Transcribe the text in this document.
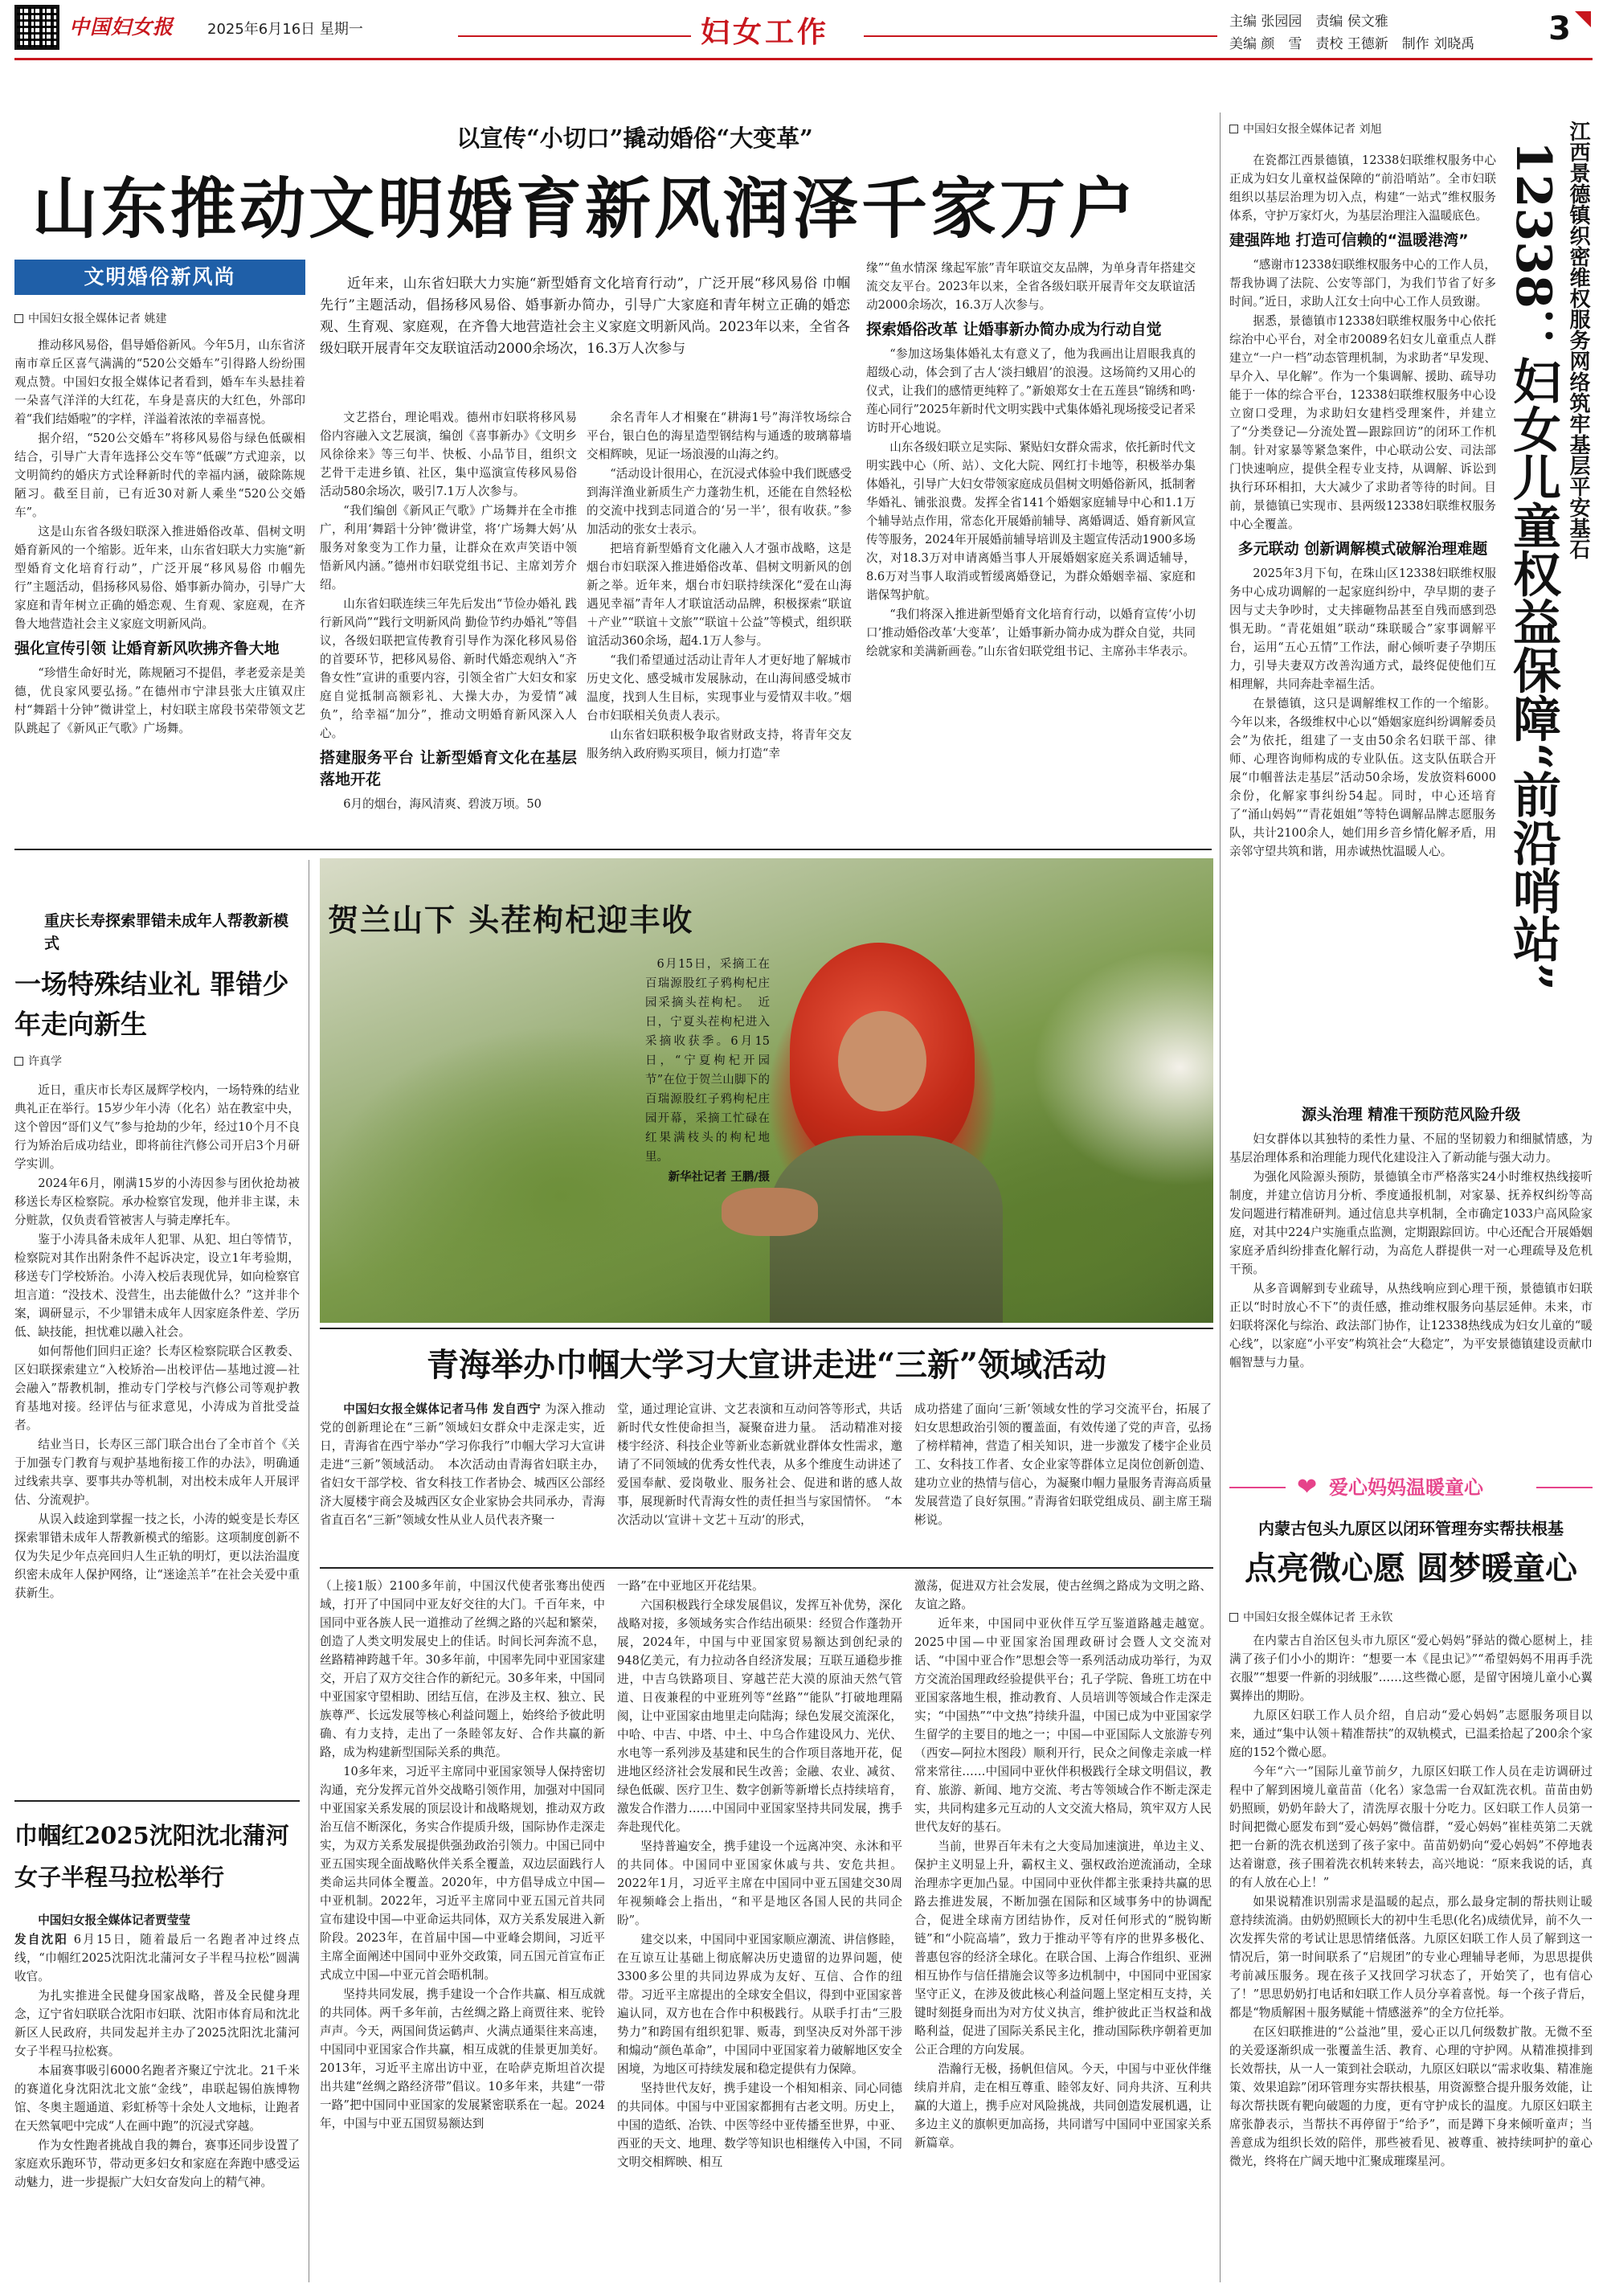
中国妇女报	2025年6月16日 星期一	妇女工作	主编 张园园　责编 侯文雅
美编 颜　雪　责校 王德新　制作 刘晓禹	3
以宣传“小切口”撬动婚俗“大变革”
山东推动文明婚育新风润泽千家万户
文明婚俗新风尚
中国妇女报全媒体记者 姚建

近年来，山东省妇联大力实施“新型婚育文化培育行动”，广泛开展“移风易俗 巾帼先行”主题活动，倡扬移风易俗、婚事新办简办，引导广大家庭和青年树立正确的婚恋观、生育观、家庭观，在齐鲁大地营造社会主义家庭文明新风尚。2023年以来，全省各级妇联开展青年交友联谊活动2000余场次，16.3万人次参与

推动移风易俗，倡导婚俗新风。今年5月，山东省济南市章丘区喜气满满的“520公交婚车”引得路人纷纷围观点赞。中国妇女报全媒体记者看到，婚车车头悬挂着一朵喜气洋洋的大红花，车身是喜庆的大红色，外部印着“我们结婚啦”的字样，洋溢着浓浓的幸福喜悦。

据介绍，“520公交婚车”将移风易俗与绿色低碳相结合，引导广大青年选择公交车等“低碳”方式迎亲，以文明简约的婚庆方式诠释新时代的幸福内涵，破除陈规陋习。截至目前，已有近30对新人乘坐“520公交婚车”。

这是山东省各级妇联深入推进婚俗改革、倡树文明婚育新风的一个缩影。近年来，山东省妇联大力实施“新型婚育文化培育行动”，广泛开展“移风易俗 巾帼先行”主题活动，倡扬移风易俗、婚事新办简办，引导广大家庭和青年树立正确的婚恋观、生育观、家庭观，在齐鲁大地营造社会主义家庭文明新风尚。

强化宣传引领 让婚育新风吹拂齐鲁大地

“珍惜生命好时光，陈规陋习不提倡，孝老爱亲是美德，优良家风要弘扬。”在德州市宁津县张大庄镇双庄村“舞蹈十分钟”微讲堂上，村妇联主席段书荣带领文艺队跳起了《新风正气歌》广场舞。

文艺搭台，理论唱戏。德州市妇联将移风易俗内容融入文艺展演，编创《喜事新办》《文明乡风徐徐来》等三句半、快板、小品节目，组织文艺骨干走进乡镇、社区，集中巡演宣传移风易俗活动580余场次，吸引7.1万人次参与。

“我们编创《新风正气歌》广场舞并在全市推广，利用‘舞蹈十分钟’微讲堂，将‘广场舞大妈’从服务对象变为工作力量，让群众在欢声笑语中领悟新风内涵。”德州市妇联党组书记、主席刘芳介绍。

山东省妇联连续三年先后发出“节俭办婚礼 践行新风尚”“践行文明新风尚 勤俭节约办婚礼”等倡议，各级妇联把宣传教育引导作为深化移风易俗的首要环节，把移风易俗、新时代婚恋观纳入“齐鲁女性”宣讲的重要内容，引领全省广大妇女和家庭自觉抵制高额彩礼、大操大办，为爱情“减负”，给幸福“加分”，推动文明婚育新风深入人心。

搭建服务平台 让新型婚育文化在基层落地开花

6月的烟台，海风清爽、碧波万顷。50

余名青年人才相聚在“耕海1号”海洋牧场综合平台，银白色的海星造型钢结构与通透的玻璃幕墙交相辉映，见证一场浪漫的山海之约。

“活动设计很用心，在沉浸式体验中我们既感受到海洋渔业新质生产力蓬勃生机，还能在自然轻松的交流中找到志同道合的‘另一半’，很有收获。”参加活动的张女士表示。

把培育新型婚育文化融入人才强市战略，这是烟台市妇联深入推进婚俗改革、倡树文明新风的创新之举。近年来，烟台市妇联持续深化“爱在山海 遇见幸福”青年人才联谊活动品牌，积极探索“联谊＋产业”“联谊＋文旅”“联谊＋公益”等模式，组织联谊活动360余场，超4.1万人参与。

“我们希望通过活动让青年人才更好地了解城市历史文化、感受城市发展脉动，在山海间感受城市温度，找到人生目标，实现事业与爱情双丰收。”烟台市妇联相关负责人表示。

山东省妇联积极争取省财政支持，将青年交友服务纳入政府购买项目，倾力打造“幸

缘”“鱼水情深 缘起军旅”青年联谊交友品牌，为单身青年搭建交流交友平台。2023年以来，全省各级妇联开展青年交友联谊活动2000余场次，16.3万人次参与。

探索婚俗改革 让婚事新办简办成为行动自觉

“参加这场集体婚礼太有意义了，他为我画出让眉眼我真的超级心动，体会到了古人‘淡扫蛾眉’的浪漫。这场简约又用心的仪式，让我们的感情更纯粹了。”新娘郑女士在五莲县“锦绣和鸣·莲心同行”2025年新时代文明实践中式集体婚礼现场接受记者采访时开心地说。

山东各级妇联立足实际、紧贴妇女群众需求，依托新时代文明实践中心（所、站）、文化大院、网红打卡地等，积极举办集体婚礼，引导广大妇女带领家庭成员倡树文明婚俗新风，抵制奢华婚礼、铺张浪费。发挥全省141个婚姻家庭辅导中心和1.1万个辅导站点作用，常态化开展婚前辅导、离婚调适、婚育新风宣传等服务，2024年开展婚前辅导培训及主题宣传活动1900多场次，对18.3万对申请离婚当事人开展婚姻家庭关系调适辅导，8.6万对当事人取消或暂缓离婚登记，为群众婚姻幸福、家庭和谐保驾护航。

“我们将深入推进新型婚育文化培育行动，以婚育宣传‘小切口’推动婚俗改革‘大变革’，让婚事新办简办成为群众自觉，共同绘就家和美满新画卷。”山东省妇联党组书记、主席孙丰华表示。

重庆长寿探索罪错未成年人帮教新模式
一场特殊结业礼 罪错少年走向新生
许真学

近日，重庆市长寿区晟辉学校内，一场特殊的结业典礼正在举行。15岁少年小涛（化名）站在教室中央，这个曾因“哥们义气”参与抢劫的少年，经过10个月不良行为矫治后成功结业，即将前往汽修公司开启3个月研学实训。

2024年6月，刚满15岁的小涛因参与团伙抢劫被移送长寿区检察院。承办检察官发现，他并非主谋，未分赃款，仅负责看管被害人与骑走摩托车。

鉴于小涛具备未成年人犯罪、从犯、坦白等情节，检察院对其作出附条件不起诉决定，设立1年考验期，移送专门学校矫治。小涛入校后表现优异，如向检察官坦言道：“没技术、没营生，出去能做什么？”这并非个案，调研显示，不少罪错未成年人因家庭条件差、学历低、缺技能，担忧难以融入社会。

如何帮他们回归正途？长寿区检察院联合区教委、区妇联探索建立“入校矫治—出校评估—基地过渡—社会融入”帮教机制，推动专门学校与汽修公司等观护教育基地对接。经评估与征求意见，小涛成为首批受益者。

结业当日，长寿区三部门联合出台了全市首个《关于加强专门教育与观护基地衔接工作的办法》，明确通过线索共享、要事共办等机制，对出校未成年人开展评估、分流观护。

从误入歧途到掌握一技之长，小涛的蜕变是长寿区探索罪错未成年人帮教新模式的缩影。这项制度创新不仅为失足少年点亮回归人生正轨的明灯，更以法治温度织密未成年人保护网络，让“迷途羔羊”在社会关爱中重获新生。

巾帼红2025沈阳沈北蒲河女子半程马拉松举行

中国妇女报全媒体记者贾莹莹

发自沈阳 6月15日，随着最后一名跑者冲过终点线，“巾帼红2025沈阳沈北蒲河女子半程马拉松”圆满收官。

为扎实推进全民健身国家战略，普及全民健身理念，辽宁省妇联联合沈阳市妇联、沈阳市体育局和沈北新区人民政府，共同发起并主办了2025沈阳沈北蒲河女子半程马拉松赛。

本届赛事吸引6000名跑者齐聚辽宁沈北。21千米的赛道化身沈阳沈北文旅“金线”，串联起锡伯族博物馆、冬奥主题通道、彩虹桥等十余处人文地标，让跑者在天然氧吧中完成“人在画中跑”的沉浸式穿越。

作为女性跑者挑战自我的舞台，赛事还同步设置了家庭欢乐跑环节，带动更多妇女和家庭在奔跑中感受运动魅力，进一步提振广大妇女奋发向上的精气神。

贺兰山下 头茬枸杞迎丰收

6月15日，采摘工在百瑞源股红子鸦枸杞庄园采摘头茬枸杞。　近日，宁夏头茬枸杞进入采摘收获季。6月15日，“宁夏枸杞开园节”在位于贺兰山脚下的百瑞源股红子鸦枸杞庄园开幕，采摘工忙碌在红果满枝头的枸杞地里。

新华社记者 王鹏/摄

青海举办巾帼大学习大宣讲走进“三新”领域活动

中国妇女报全媒体记者马伟 发自西宁 为深入推动党的创新理论在“三新”领域妇女群众中走深走实，近日，青海省在西宁举办“学习你我行”巾帼大学习大宣讲走进“三新”领域活动。　本次活动由青海省妇联主办，省妇女干部学校、省女科技工作者协会、城西区公部经济大厦楼宇商会及城西区女企业家协会共同承办，青海省直百名“三新”领域女性从业人员代表齐聚一

堂，通过理论宣讲、文艺表演和互动问答等形式，共话新时代女性使命担当，凝聚奋进力量。　活动精准对接楼宇经济、科技企业等新业态新就业群体女性需求，邀请了不同领域的优秀女性代表，从多个维度生动讲述了爱国奉献、爱岗敬业、服务社会、促进和谐的感人故事，展现新时代青海女性的责任担当与家国情怀。　“本次活动以‘宣讲＋文艺＋互动’的形式，

成功搭建了面向‘三新’领域女性的学习交流平台，拓展了妇女思想政治引领的覆盖面，有效传递了党的声音，弘扬了榜样精神，营造了相关知识，进一步激发了楼宇企业员工、女科技工作者、女企业家等群体立足岗位创新创造、建功立业的热情与信心，为凝聚巾帼力量服务青海高质量发展营造了良好氛围。”青海省妇联党组成员、副主席王瑞彬说。

（上接1版）2100多年前，中国汉代使者张骞出使西域，打开了中国同中亚友好交往的大门。千百年来，中国同中亚各族人民一道推动了丝绸之路的兴起和繁荣，创造了人类文明发展史上的佳话。时间长河奔流不息，丝路精神跨越千年。30多年前，中国率先同中亚国家建交，开启了双方交往合作的新纪元。30多年来，中国同中亚国家守望相助、团结互信，在涉及主权、独立、民族尊严、长远发展等核心利益问题上，始终给予彼此明确、有力支持，走出了一条睦邻友好、合作共赢的新路，成为构建新型国际关系的典范。

10多年来，习近平主席同中亚国家领导人保持密切沟通，充分发挥元首外交战略引领作用，加强对中国同中亚国家关系发展的顶层设计和战略规划，推动双方政治互信不断深化，务实合作提质升级，国际协作走深走实，为双方关系发展提供强劲政治引领力。中国已同中亚五国实现全面战略伙伴关系全覆盖，双边层面践行人类命运共同体全覆盖。2020年，中方倡导成立中国—中亚机制。2022年，习近平主席同中亚五国元首共同宣布建设中国—中亚命运共同体，双方关系发展进入新阶段。2023年，在首届中国—中亚峰会期间，习近平主席全面阐述中国同中亚外交政策，同五国元首宣布正式成立中国—中亚元首会晤机制。

坚持共同发展，携手建设一个合作共赢、相互成就的共同体。两千多年前，古丝绸之路上商贾往来、驼铃声声。今天，两国间货运鹤声、火满点通渠往来高速，中国同中亚国家合作共赢，相互成就的佳景更加美好。2013年，习近平主席出访中亚，在哈萨克斯坦首次提出共建“丝绸之路经济带”倡议。10多年来，共建“一带一路”把中国同中亚国家的发展紧密联系在一起。2024年，中国与中亚五国贸易额达到

一路”在中亚地区开花结果。

六国积极践行全球发展倡议，发挥互补优势，深化战略对接，多领域务实合作结出硕果：经贸合作蓬勃开展，2024年，中国与中亚国家贸易额达到创纪录的948亿美元，有力拉动各自经济发展；互联互通稳步推进，中吉乌铁路项目、穿越芒茫大漠的原油天然气管道、日夜兼程的中亚班列等“丝路”“能队”打破地理隔阂，让中亚国家由地里走向陆海；绿色发展交流深化，中哈、中吉、中塔、中土、中乌合作建设风力、光伏、水电等一系列涉及基建和民生的合作项目落地开花，促进地区经济社会发展和民生改善；金融、农业、减贫、绿色低碳、医疗卫生、数字创新等新增长点持续培育，激发合作潜力……中国同中亚国家坚持共同发展，携手奔赴现代化。

坚持普遍安全，携手建设一个远离冲突、永沐和平的共同体。中国同中亚国家休戚与共、安危共担。2022年1月，习近平主席在中国同中亚五国建交30周年视频峰会上指出，“和平是地区各国人民的共同企盼”。

建交以来，中国同中亚国家顺应潮流、讲信修睦，在互谅互让基础上彻底解决历史遗留的边界问题，使3300多公里的共同边界成为友好、互信、合作的纽带。习近平主席提出的全球安全倡议，得到中亚国家普遍认同，双方也在合作中积极践行。从联手打击“三股势力”和跨国有组织犯罪、贩毒，到坚决反对外部干涉和煽动“颜色革命”，中国同中亚国家着力破解地区安全困境，为地区可持续发展和稳定提供有力保障。

坚持世代友好，携手建设一个相知相亲、同心同德的共同体。中国与中亚国家都拥有古老文明。历史上，中国的造纸、冶铁、中医等经中亚传播至世界，中亚、西亚的天文、地理、数学等知识也相继传入中国，不同文明交相辉映、相互

激荡，促进双方社会发展，使古丝绸之路成为文明之路、友谊之路。

近年来，中国同中亚伙伴互学互鉴道路越走越宽。2025中国—中亚国家治国理政研讨会暨人文交流对话、“中国中亚合作”思想会等一系列活动成功举行，为双方交流治国理政经验提供平台；孔子学院、鲁班工坊在中亚国家落地生根，推动教育、人员培训等领域合作走深走实；“中国热”“中文热”持续升温，中国已成为中亚国家学生留学的主要目的地之一；中国—中亚国际人文旅游专列（西安—阿拉木图段）顺利开行，民众之间像走亲戚一样常来常往……中国同中亚伙伴积极践行全球文明倡议，教育、旅游、新闻、地方交流、考古等领域合作不断走深走实，共同构建多元互动的人文交流大格局，筑牢双方人民世代友好的基石。

当前，世界百年未有之大变局加速演进，单边主义、保护主义明显上升，霸权主义、强权政治逆流涌动，全球治理赤字更加凸显。中国同中亚伙伴都主张秉持共赢的思路去推进发展，不断加强在国际和区域事务中的协调配合，促进全球南方团结协作，反对任何形式的“脱钩断链”和“小院高墙”，致力于推动平等有序的世界多极化、普惠包容的经济全球化。在联合国、上海合作组织、亚洲相互协作与信任措施会议等多边机制中，中国同中亚国家坚守正义，在涉及彼此核心利益问题上坚定相互支持，关键时刻挺身而出为对方仗义执言，维护彼此正当权益和战略利益，促进了国际关系民主化，推动国际秩序朝着更加公正合理的方向发展。

浩瀚行无极，扬帆但信风。今天，中国与中亚伙伴继续肩并肩，走在相互尊重、睦邻友好、同舟共济、互利共赢的大道上，携手应对风险挑战，共同创造发展机遇，让多边主义的旗帜更加高扬，共同谱写中国同中亚国家关系新篇章。

中国妇女报全媒体记者 刘旭	江西景德镇织密维权服务网络筑牢基层平安基石
12338：妇女儿童权益保障“前沿哨站”

在瓷都江西景德镇，12338妇联维权服务中心正成为妇女儿童权益保障的“前沿哨站”。全市妇联组织以基层治理为切入点，构建“一站式”维权服务体系，守护万家灯火，为基层治理注入温暖底色。

建强阵地 打造可信赖的“温暖港湾”

“感谢市12338妇联维权服务中心的工作人员，帮我协调了法院、公安等部门，为我们节省了好多时间。”近日，求助人江女士向中心工作人员致谢。

据悉，景德镇市12338妇联维权服务中心依托综治中心平台，对全市20089名妇女儿童重点人群建立“一户一档”动态管理机制，为求助者“早发现、早介入、早化解”。作为一个集调解、援助、疏导功能于一体的综合平台，12338妇联维权服务中心设立窗口受理，为求助妇女建档受理案件，并建立了“分类登记—分流处置—跟踪回访”的闭环工作机制。针对家暴等紧急案件，中心联动公安、司法部门快速响应，提供全程专业支持，从调解、诉讼到执行环环相扣，大大减少了求助者等待的时间。目前，景德镇已实现市、县两级12338妇联维权服务中心全覆盖。

多元联动 创新调解模式破解治理难题

2025年3月下旬，在珠山区12338妇联维权服务中心成功调解的一起家庭纠纷中，孕早期的妻子因与丈夫争吵时，丈夫摔砸物品甚至自残而感到恐惧无助。“青花姐姐”联动“珠联暖合”家事调解平台，运用“五心五情”工作法，耐心倾听妻子孕期压力，引导夫妻双方改善沟通方式，最终促使他们互相理解，共同奔赴幸福生活。

在景德镇，这只是调解维权工作的一个缩影。今年以来，各级维权中心以“婚姻家庭纠纷调解委员会”为依托，组建了一支由50余名妇联干部、律师、心理咨询师构成的专业队伍。这支队伍联合开展“巾帼普法走基层”活动50余场，发放资料6000余份，化解家事纠纷54起。同时，中心还培育了“涌山妈妈”“青花姐姐”等特色调解品牌志愿服务队，共计2100余人，她们用乡音乡情化解矛盾，用亲邻守望共筑和谐，用赤诚热忱温暖人心。

源头治理 精准干预防范风险升级

妇女群体以其独特的柔性力量、不屈的坚韧毅力和细腻情感，为基层治理体系和治理能力现代化建设注入了新动能与强大动力。

为强化风险源头预防，景德镇全市严格落实24小时维权热线接听制度，并建立信访月分析、季度通报机制，对家暴、抚养权纠纷等高发问题进行精准研判。通过信息共享机制，全市确定1033户高风险家庭，对其中224户实施重点监测，定期跟踪回访。中心还配合开展婚姻家庭矛盾纠纷排查化解行动，为高危人群提供一对一心理疏导及危机干预。

从多音调解到专业疏导，从热线响应到心理干预，景德镇市妇联正以“时时放心不下”的责任感，推动维权服务向基层延伸。未来，市妇联将深化与综治、政法部门协作，让12338热线成为妇女儿童的“暖心线”，以家庭“小平安”构筑社会“大稳定”，为平安景德镇建设贡献巾帼智慧与力量。

❤ 爱心妈妈温暖童心
内蒙古包头九原区以闭环管理夯实帮扶根基
点亮微心愿 圆梦暖童心
中国妇女报全媒体记者 王永钦

在内蒙古自治区包头市九原区“爱心妈妈”驿站的微心愿树上，挂满了孩子们小小的期许：“想要一本《昆虫记》”“希望妈妈不用再手洗衣服”“想要一件新的羽绒服”……这些微心愿，是留守困境儿童小心翼翼捧出的期盼。

九原区妇联工作人员介绍，自启动“爱心妈妈”志愿服务项目以来，通过“集中认领＋精准帮扶”的双轨模式，已温柔拾起了200余个家庭的152个微心愿。

今年“六一”国际儿童节前夕，九原区妇联工作人员在走访调研过程中了解到困境儿童苗苗（化名）家急需一台双缸洗衣机。苗苗由奶奶照顾，奶奶年龄大了，清洗厚衣服十分吃力。区妇联工作人员第一时间把微心愿发布到“爱心妈妈”微信群，“爱心妈妈”崔桂英第二天就把一台新的洗衣机送到了孩子家中。苗苗奶奶向“爱心妈妈”不停地表达着谢意，孩子围着洗衣机转来转去，高兴地说：“原来我说的话，真的有人放在心上！”

如果说精准识别需求是温暖的起点，那么最身定制的帮扶则让暖意持续流淌。由奶奶照顾长大的初中生毛思(化名)成绩优异，前不久一次发挥失常的考试让思思情绪低落。九原区妇联工作人员了解到这一情况后，第一时间联系了“启规团”的专业心理辅导老师，为思思提供考前减压服务。现在孩子又找回学习状态了，开始笑了，也有信心了！”思思奶奶打电话和妇联工作人员分享着喜悦。每一个孩子背后，都是“物质解困＋服务赋能＋情感滋养”的全方位托举。

在区妇联推进的“公益池”里，爱心正以几何级数扩散。无微不至的关爱逐渐织成一张覆盖生活、教育、心理的守护网。从精准摸排到长效帮扶，从一人一策到社会联动，九原区妇联以“需求收集、精准施策、效果追踪”闭环管理夯实帮扶根基，用资源整合提升服务效能，让每次帮扶既有靶向破题的力度，更有守护成长的温度。九原区妇联主席张静表示，当帮扶不再停留于“给予”，而是蹲下身来倾听童声；当善意成为组织长效的陪伴，那些被看见、被尊重、被持续呵护的童心微光，终将在广阔天地中汇聚成璀璨星河。
